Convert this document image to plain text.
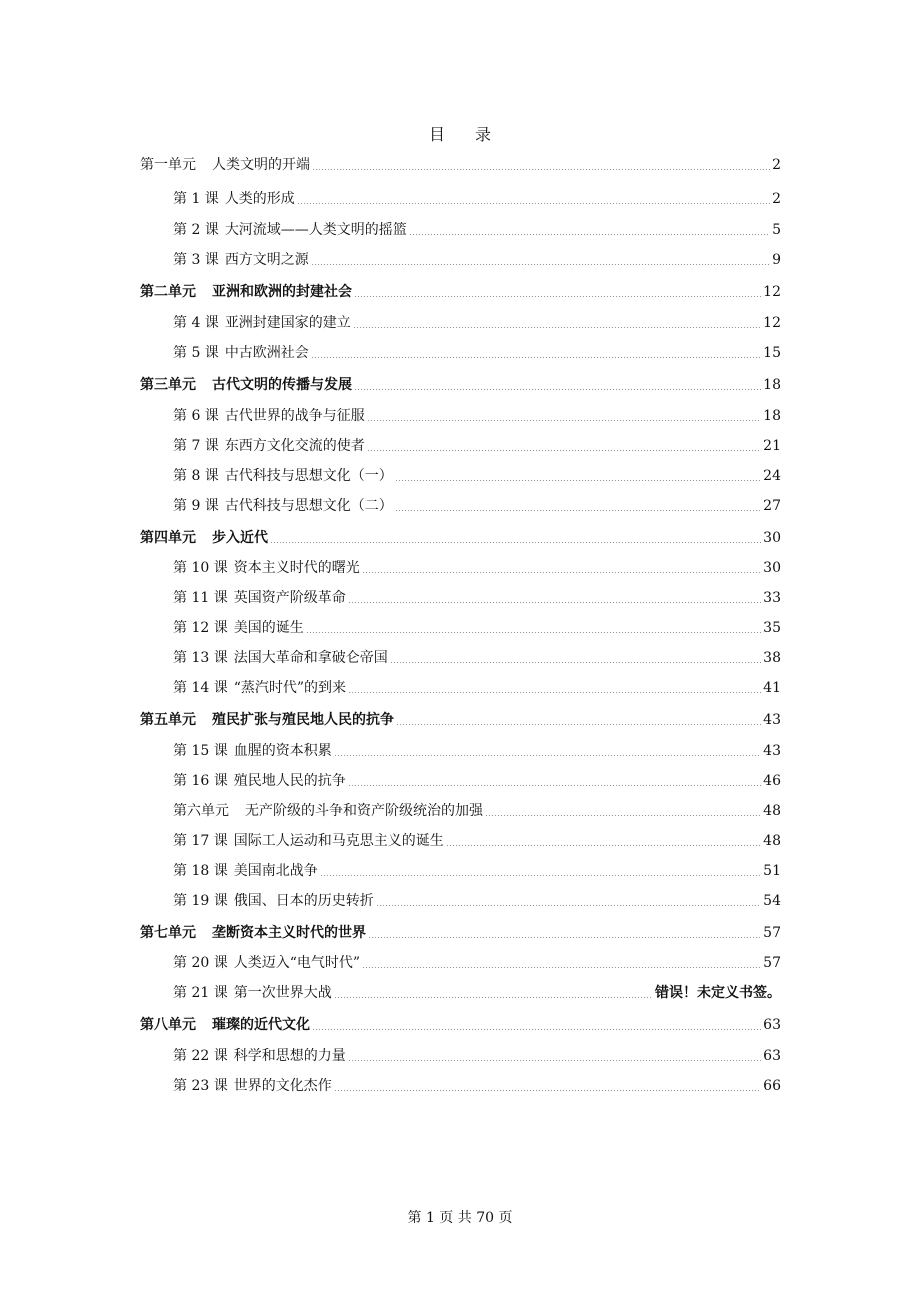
目 录
第一单元 人类文明的开端	2
第 1 课 人类的形成	2
第 2 课 大河流域——人类文明的摇篮	5
第 3 课 西方文明之源	9
第二单元 亚洲和欧洲的封建社会	12
第 4 课 亚洲封建国家的建立	12
第 5 课 中古欧洲社会	15
第三单元 古代文明的传播与发展	18
第 6 课 古代世界的战争与征服	18
第 7 课 东西方文化交流的使者	21
第 8 课 古代科技与思想文化（一）	24
第 9 课 古代科技与思想文化（二）	27
第四单元 步入近代	30
第 10 课 资本主义时代的曙光	30
第 11 课 英国资产阶级革命	33
第 12 课 美国的诞生	35
第 13 课 法国大革命和拿破仑帝国	38
第 14 课 “蒸汽时代”的到来	41
第五单元 殖民扩张与殖民地人民的抗争	43
第 15 课 血腥的资本积累	43
第 16 课 殖民地人民的抗争	46
第六单元 无产阶级的斗争和资产阶级统治的加强	48
第 17 课 国际工人运动和马克思主义的诞生	48
第 18 课 美国南北战争	51
第 19 课 俄国、日本的历史转折	54
第七单元 垄断资本主义时代的世界	57
第 20 课 人类迈入“电气时代”	57
第 21 课 第一次世界大战	错误！未定义书签。
第八单元 璀璨的近代文化	63
第 22 课 科学和思想的力量	63
第 23 课 世界的文化杰作	66
第 1 页 共 70 页
